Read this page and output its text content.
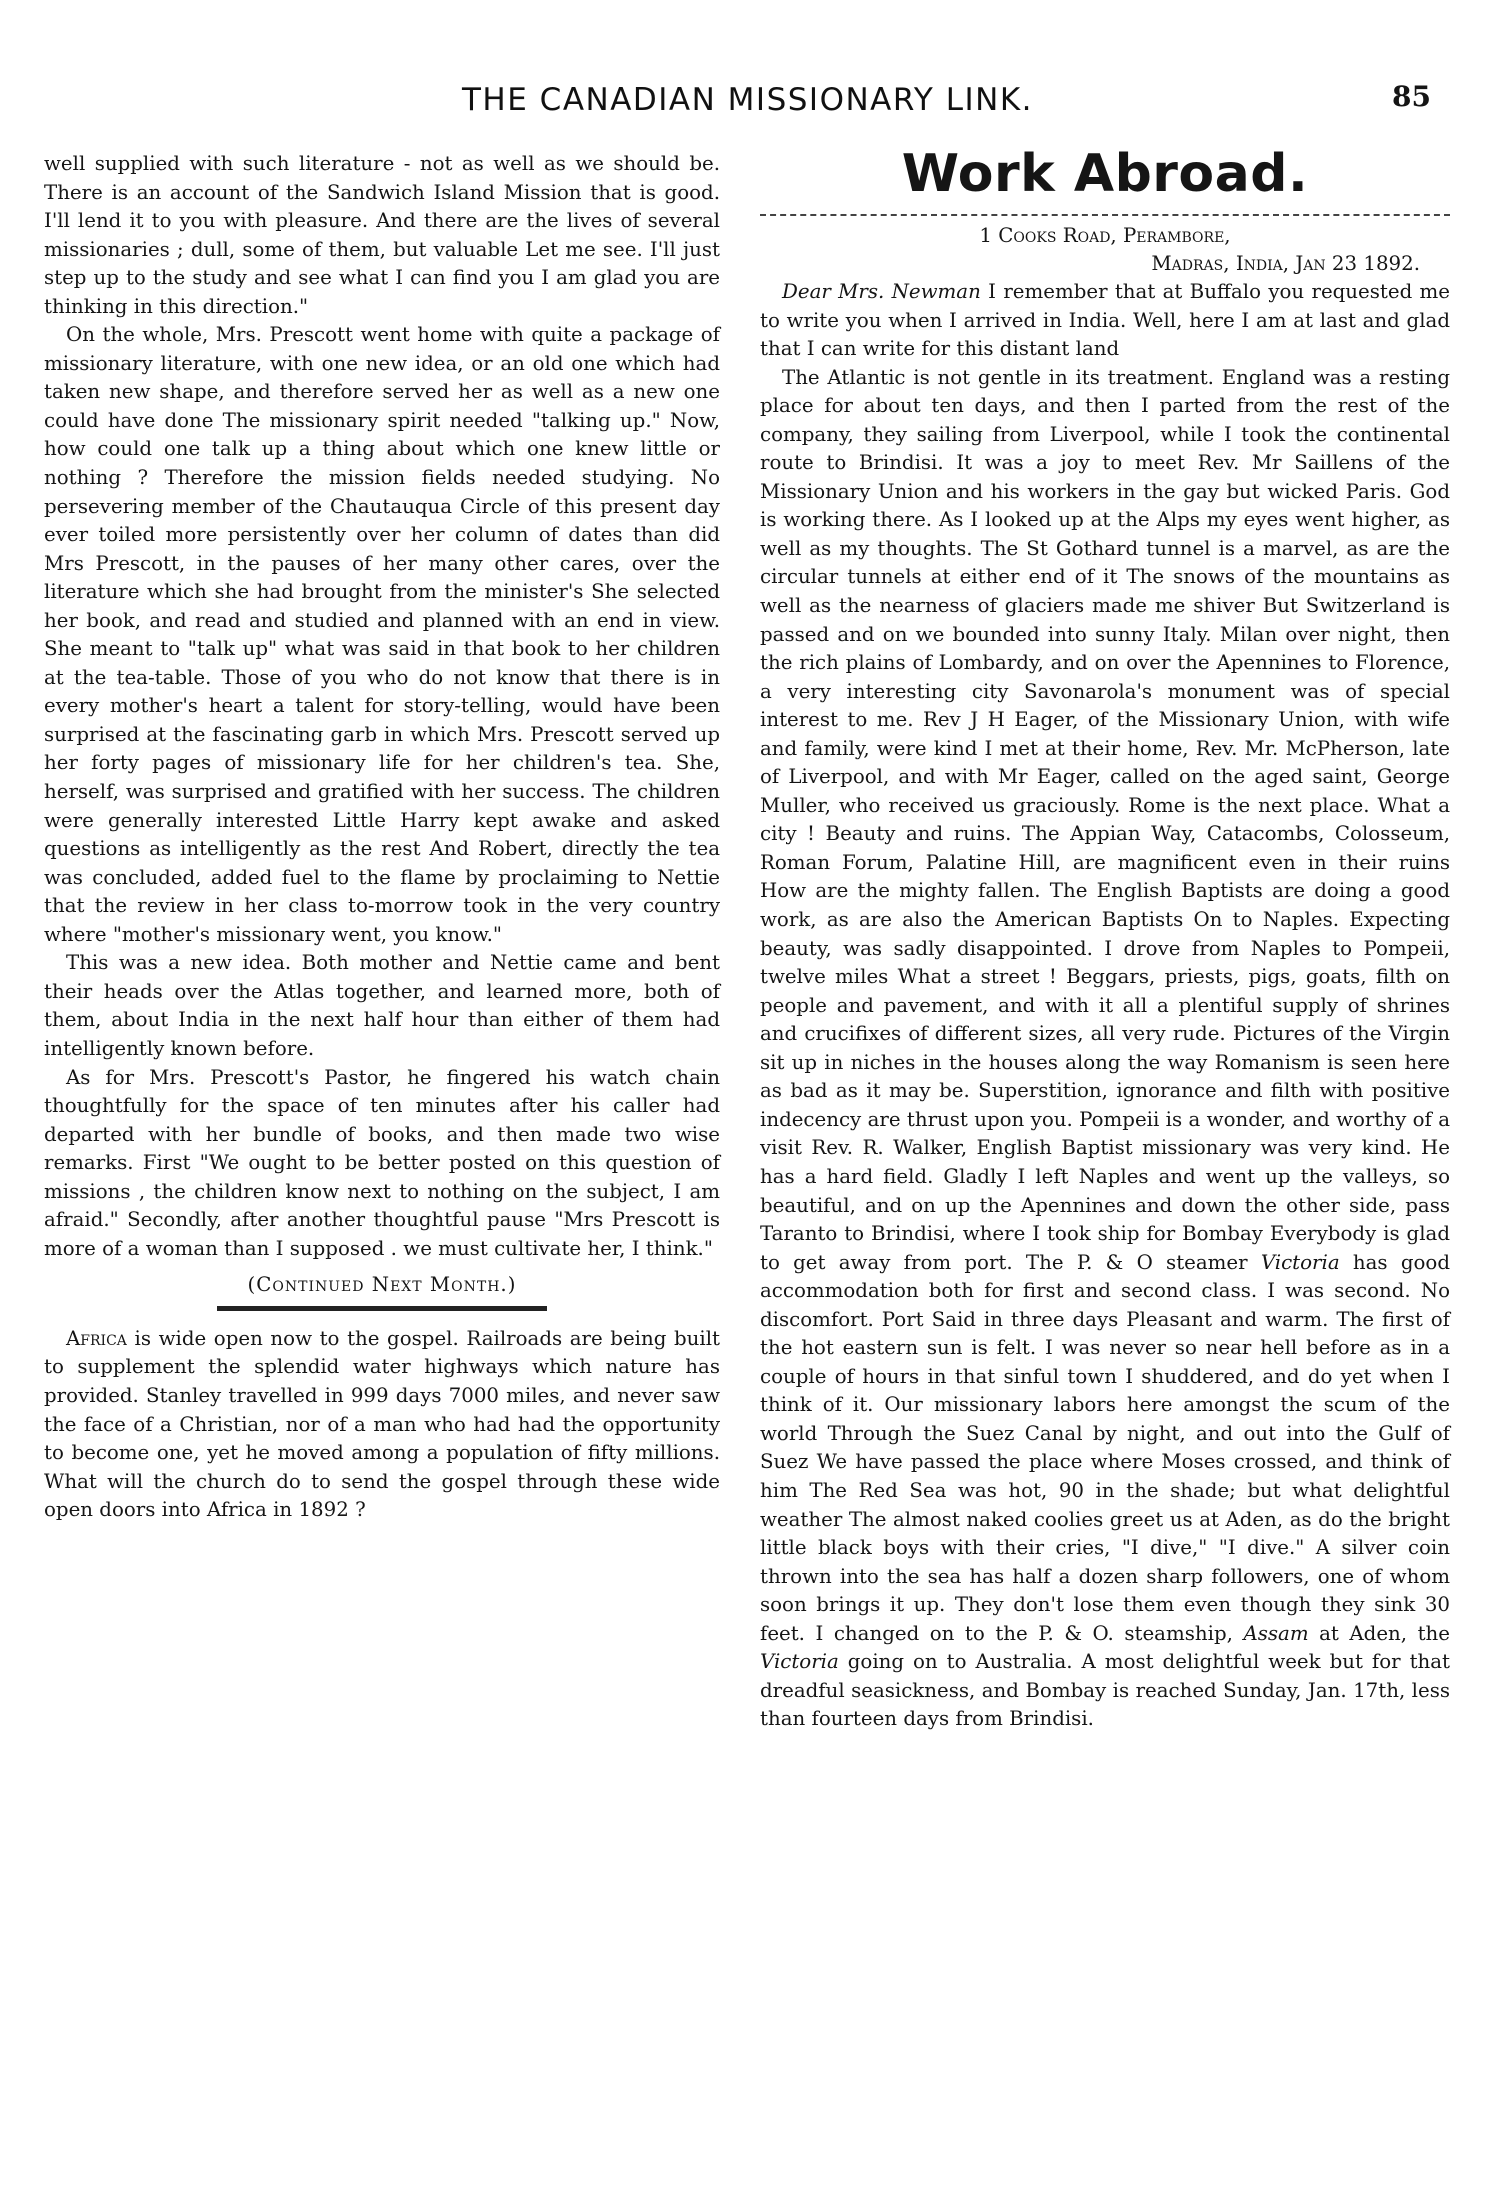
THE CANADIAN MISSIONARY LINK.	85

well supplied with such literature - not as well as we should be. There is an account of the Sandwich Island Mission that is good. I'll lend it to you with pleasure. And there are the lives of several missionaries ; dull, some of them, but valuable Let me see. I'll just step up to the study and see what I can find you I am glad you are thinking in this direction."

On the whole, Mrs. Prescott went home with quite a package of missionary literature, with one new idea, or an old one which had taken new shape, and therefore served her as well as a new one could have done The missionary spirit needed "talking up." Now, how could one talk up a thing about which one knew little or nothing ? Therefore the mission fields needed studying. No persevering member of the Chautauqua Circle of this present day ever toiled more persistently over her column of dates than did Mrs Prescott, in the pauses of her many other cares, over the literature which she had brought from the minister's She selected her book, and read and studied and planned with an end in view. She meant to "talk up" what was said in that book to her children at the tea-table. Those of you who do not know that there is in every mother's heart a talent for story-telling, would have been surprised at the fascinating garb in which Mrs. Prescott served up her forty pages of missionary life for her children's tea. She, herself, was surprised and gratified with her success. The children were generally interested Little Harry kept awake and asked questions as intelligently as the rest And Robert, directly the tea was concluded, added fuel to the flame by proclaiming to Nettie that the review in her class to-morrow took in the very country where "mother's missionary went, you know."

This was a new idea. Both mother and Nettie came and bent their heads over the Atlas together, and learned more, both of them, about India in the next half hour than either of them had intelligently known before.

As for Mrs. Prescott's Pastor, he fingered his watch chain thoughtfully for the space of ten minutes after his caller had departed with her bundle of books, and then made two wise remarks. First "We ought to be better posted on this question of missions , the children know next to nothing on the subject, I am afraid." Secondly, after another thoughtful pause "Mrs Prescott is more of a woman than I supposed . we must cultivate her, I think."

(Continued Next Month.)

Africa is wide open now to the gospel. Railroads are being built to supplement the splendid water highways which nature has provided. Stanley travelled in 999 days 7000 miles, and never saw the face of a Christian, nor of a man who had had the opportunity to become one, yet he moved among a population of fifty millions. What will the church do to send the gospel through these wide open doors into Africa in 1892 ?

Work Abroad.
1 Cooks Road, Perambore,
Madras, India, Jan 23 1892.

Dear Mrs. Newman I remember that at Buffalo you requested me to write you when I arrived in India. Well, here I am at last and glad that I can write for this distant land

The Atlantic is not gentle in its treatment. England was a resting place for about ten days, and then I parted from the rest of the company, they sailing from Liverpool, while I took the continental route to Brindisi. It was a joy to meet Rev. Mr Saillens of the Missionary Union and his workers in the gay but wicked Paris. God is working there. As I looked up at the Alps my eyes went higher, as well as my thoughts. The St Gothard tunnel is a marvel, as are the circular tunnels at either end of it The snows of the mountains as well as the nearness of glaciers made me shiver But Switzerland is passed and on we bounded into sunny Italy. Milan over night, then the rich plains of Lombardy, and on over the Apennines to Florence, a very interesting city Savonarola's monument was of special interest to me. Rev J H Eager, of the Missionary Union, with wife and family, were kind I met at their home, Rev. Mr. McPherson, late of Liverpool, and with Mr Eager, called on the aged saint, George Muller, who received us graciously. Rome is the next place. What a city ! Beauty and ruins. The Appian Way, Catacombs, Colosseum, Roman Forum, Palatine Hill, are magnificent even in their ruins How are the mighty fallen. The English Baptists are doing a good work, as are also the American Baptists On to Naples. Expecting beauty, was sadly disappointed. I drove from Naples to Pompeii, twelve miles What a street ! Beggars, priests, pigs, goats, filth on people and pavement, and with it all a plentiful supply of shrines and crucifixes of different sizes, all very rude. Pictures of the Virgin sit up in niches in the houses along the way Romanism is seen here as bad as it may be. Superstition, ignorance and filth with positive indecency are thrust upon you. Pompeii is a wonder, and worthy of a visit Rev. R. Walker, English Baptist missionary was very kind. He has a hard field. Gladly I left Naples and went up the valleys, so beautiful, and on up the Apennines and down the other side, pass Taranto to Brindisi, where I took ship for Bombay Everybody is glad to get away from port. The P. & O steamer Victoria has good accommodation both for first and second class. I was second. No discomfort. Port Said in three days Pleasant and warm. The first of the hot eastern sun is felt. I was never so near hell before as in a couple of hours in that sinful town I shuddered, and do yet when I think of it. Our missionary labors here amongst the scum of the world Through the Suez Canal by night, and out into the Gulf of Suez We have passed the place where Moses crossed, and think of him The Red Sea was hot, 90 in the shade; but what delightful weather The almost naked coolies greet us at Aden, as do the bright little black boys with their cries, "I dive," "I dive." A silver coin thrown into the sea has half a dozen sharp followers, one of whom soon brings it up. They don't lose them even though they sink 30 feet. I changed on to the P. & O. steamship, Assam at Aden, the Victoria going on to Australia. A most delightful week but for that dreadful seasickness, and Bombay is reached Sunday, Jan. 17th, less than fourteen days from Brindisi.
